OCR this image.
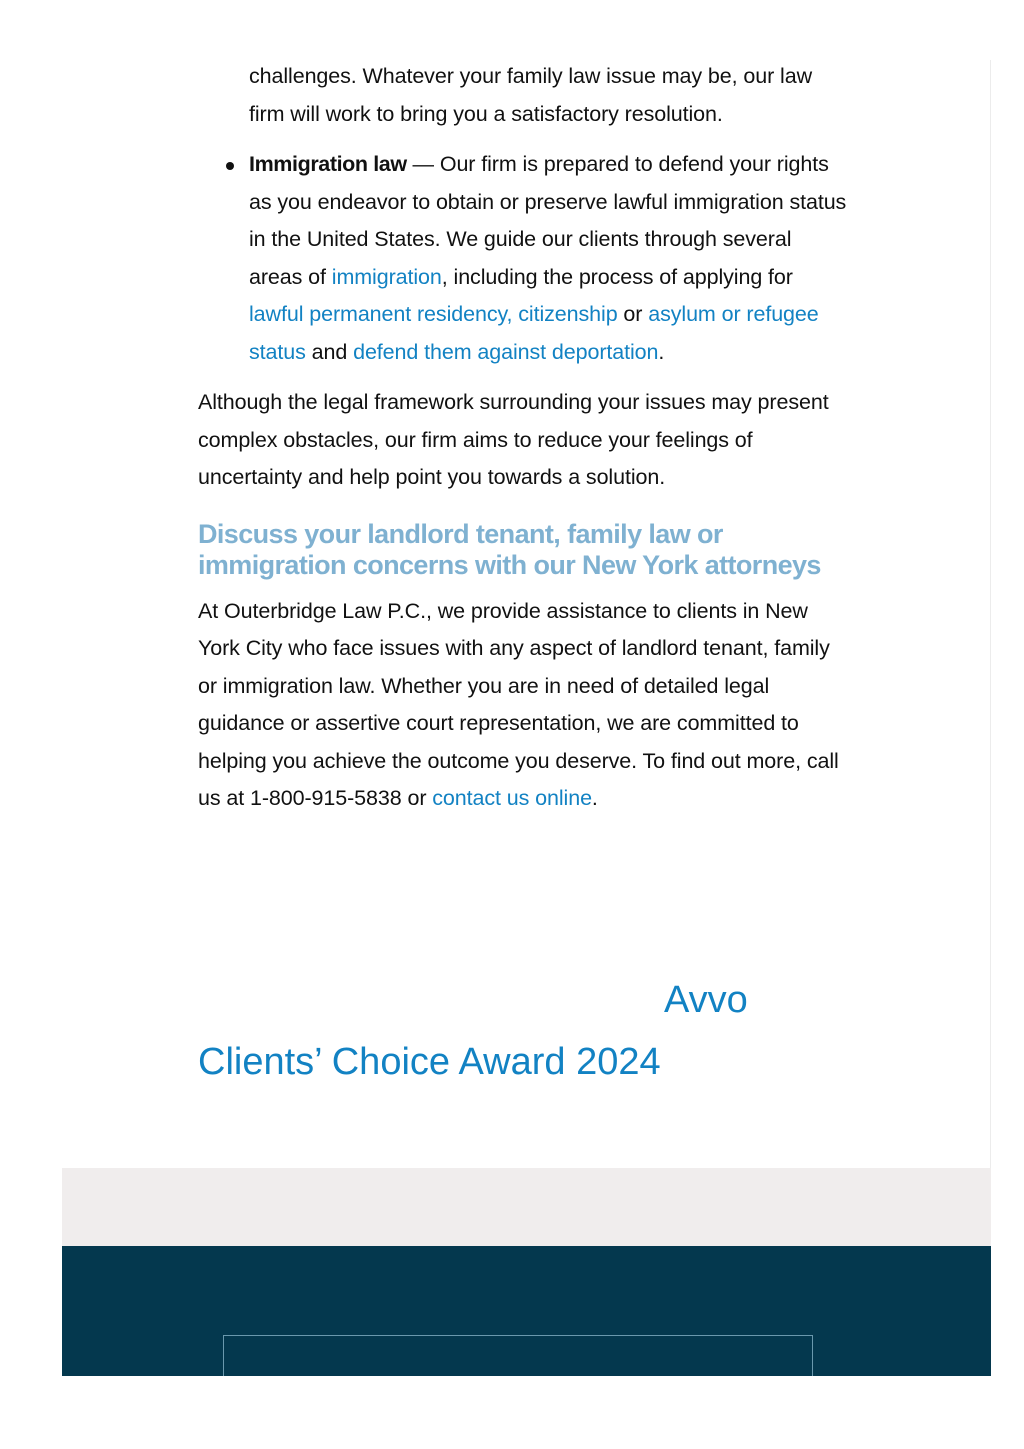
challenges. Whatever your family law issue may be, our law
firm will work to bring you a satisfactory resolution.

Immigration law — Our firm is prepared to defend your rights as you endeavor to obtain or preserve lawful immigration status in the United States. We guide our clients through several areas of immigration, including the process of applying for lawful permanent residency, citizenship or asylum or refugee status and defend them against deportation.

Although the legal framework surrounding your issues may present complex obstacles, our firm aims to reduce your feelings of uncertainty and help point you towards a solution.

Discuss your landlord tenant, family law or immigration concerns with our New York attorneys

At Outerbridge Law P.C., we provide assistance to clients in New York City who face issues with any aspect of landlord tenant, family or immigration law. Whether you are in need of detailed legal guidance or assertive court representation, we are committed to helping you achieve the outcome you deserve. To find out more, call us at 1-800-915-5838 or contact us online.

Avvo
Clients’ Choice Award 2024
